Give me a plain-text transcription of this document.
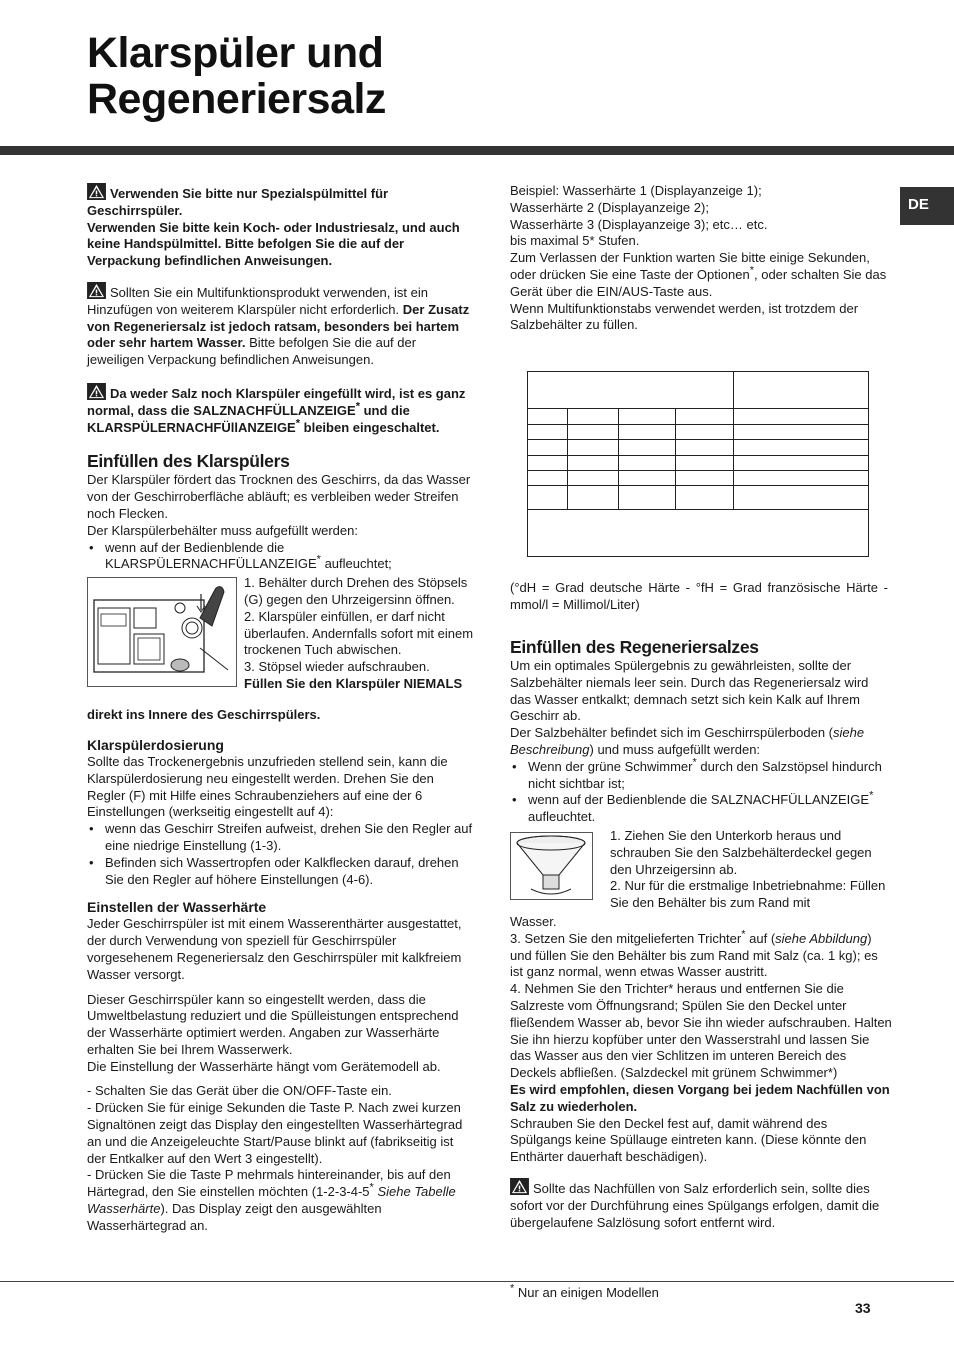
Klarspüler und
Regeneriersalz
DE

Verwenden Sie bitte nur Spezialspülmittel für Geschirrspüler.
Verwenden Sie bitte kein Koch- oder Industriesalz, und auch keine Handspülmittel. Bitte befolgen Sie die auf der Verpackung befindlichen Anweisungen.

Sollten Sie ein Multifunktionsprodukt verwenden, ist ein Hinzufügen von weiterem Klarspüler nicht erforderlich. Der Zusatz von Regeneriersalz ist jedoch ratsam, besonders bei hartem oder sehr hartem Wasser. Bitte befolgen Sie die auf der jeweiligen Verpackung befindlichen Anweisungen.

Da weder Salz noch Klarspüler eingefüllt wird, ist es ganz normal, dass die SALZNACHFÜLLANZEIGE* und die KLARSPÜLERNACHFÜllANZEIGE* bleiben eingeschaltet.

Einfüllen des Klarspülers

Der Klarspüler fördert das Trocknen des Geschirrs, da das Wasser von der Geschirroberfläche abläuft; es verbleiben weder Streifen noch Flecken.

Der Klarspülerbehälter muss aufgefüllt werden:

• wenn auf der Bedienblende die KLARSPÜLERNACHFÜLLANZEIGE* aufleuchtet;

1. Behälter durch Drehen des Stöpsels (G) gegen den Uhrzeigersinn öffnen.

2. Klarspüler einfüllen, er darf nicht überlaufen. Andernfalls sofort mit einem trockenen Tuch abwischen.

3. Stöpsel wieder aufschrauben.

Füllen Sie den Klarspüler NIEMALS

direkt ins Innere des Geschirrspülers.

Klarspülerdosierung

Sollte das Trockenergebnis unzufrieden stellend sein, kann die Klarspülerdosierung neu eingestellt werden. Drehen Sie den Regler (F) mit Hilfe eines Schraubenziehers auf eine der 6 Einstellungen (werkseitig eingestellt auf 4):

• wenn das Geschirr Streifen aufweist, drehen Sie den Regler auf eine niedrige Einstellung (1-3).
• Befinden sich Wassertropfen oder Kalkflecken darauf, drehen Sie den Regler auf höhere Einstellungen (4-6).
Einstellen der Wasserhärte

Jeder Geschirrspüler ist mit einem Wasserenthärter ausgestattet, der durch Verwendung von speziell für Geschirrspüler vorgesehenem Regeneriersalz den Geschirrspüler mit kalkfreiem Wasser versorgt.

Dieser Geschirrspüler kann so eingestellt werden, dass die Umweltbelastung reduziert und die Spülleistungen entsprechend der Wasserhärte optimiert werden. Angaben zur Wasserhärte erhalten Sie bei Ihrem Wasserwerk.

Die Einstellung der Wasserhärte hängt vom Gerätemodell ab.

- Schalten Sie das Gerät über die ON/OFF-Taste ein.

- Drücken Sie für einige Sekunden die Taste P. Nach zwei kurzen Signaltönen zeigt das Display den eingestellten Wasserhärtegrad an und die Anzeigeleuchte Start/Pause blinkt auf (fabrikseitig ist der Entkalker auf den Wert 3 eingestellt).

- Drücken Sie die Taste P mehrmals hintereinander, bis auf den Härtegrad, den Sie einstellen möchten (1-2-3-4-5* Siehe Tabelle Wasserhärte). Das Display zeigt den ausgewählten Wasserhärtegrad an.

Beispiel: Wasserhärte 1 (Displayanzeige 1);

Wasserhärte 2 (Displayanzeige 2);

Wasserhärte 3 (Displayanzeige 3); etc… etc.

bis maximal 5* Stufen.

Zum Verlassen der Funktion warten Sie bitte einige Sekunden, oder drücken Sie eine Taste der Optionen*, oder schalten Sie das Gerät über die EIN/AUS-Taste aus.

Wenn Multifunktionstabs verwendet werden, ist trotzdem der Salzbehälter zu füllen.

(°dH = Grad deutsche Härte - °fH = Grad französische Härte - mmol/l = Millimol/Liter)
Einfüllen des Regeneriersalzes

Um ein optimales Spülergebnis zu gewährleisten, sollte der Salzbehälter niemals leer sein. Durch das Regeneriersalz wird das Wasser entkalkt; demnach setzt sich kein Kalk auf Ihrem Geschirr ab.

Der Salzbehälter befindet sich im Geschirrspülerboden (siehe Beschreibung) und muss aufgefüllt werden:

• Wenn der grüne Schwimmer* durch den Salzstöpsel hindurch nicht sichtbar ist;
• wenn auf der Bedienblende die SALZNACHFÜLLANZEIGE* aufleuchtet.

1. Ziehen Sie den Unterkorb heraus und schrauben Sie den Salzbehälterdeckel gegen den Uhrzeigersinn ab.

2. Nur für die erstmalige Inbetriebnahme: Füllen Sie den Behälter bis zum Rand mit

Wasser.

3. Setzen Sie den mitgelieferten Trichter* auf (siehe Abbildung) und füllen Sie den Behälter bis zum Rand mit Salz (ca. 1 kg); es ist ganz normal, wenn etwas Wasser austritt.

4. Nehmen Sie den Trichter* heraus und entfernen Sie die Salzreste vom Öffnungsrand; Spülen Sie den Deckel unter fließendem Wasser ab, bevor Sie ihn wieder aufschrauben. Halten Sie ihn hierzu kopfüber unter den Wasserstrahl und lassen Sie das Wasser aus den vier Schlitzen im unteren Bereich des Deckels abfließen. (Salzdeckel mit grünem Schwimmer*)

Es wird empfohlen, diesen Vorgang bei jedem Nachfüllen von Salz zu wiederholen.

Schrauben Sie den Deckel fest auf, damit während des Spülgangs keine Spüllauge eintreten kann. (Diese könnte den Enthärter dauerhaft beschädigen).

Sollte das Nachfüllen von Salz erforderlich sein, sollte dies sofort vor der Durchführung eines Spülgangs erfolgen, damit die übergelaufene Salzlösung sofort entfernt wird.

* Nur an einigen Modellen
33
